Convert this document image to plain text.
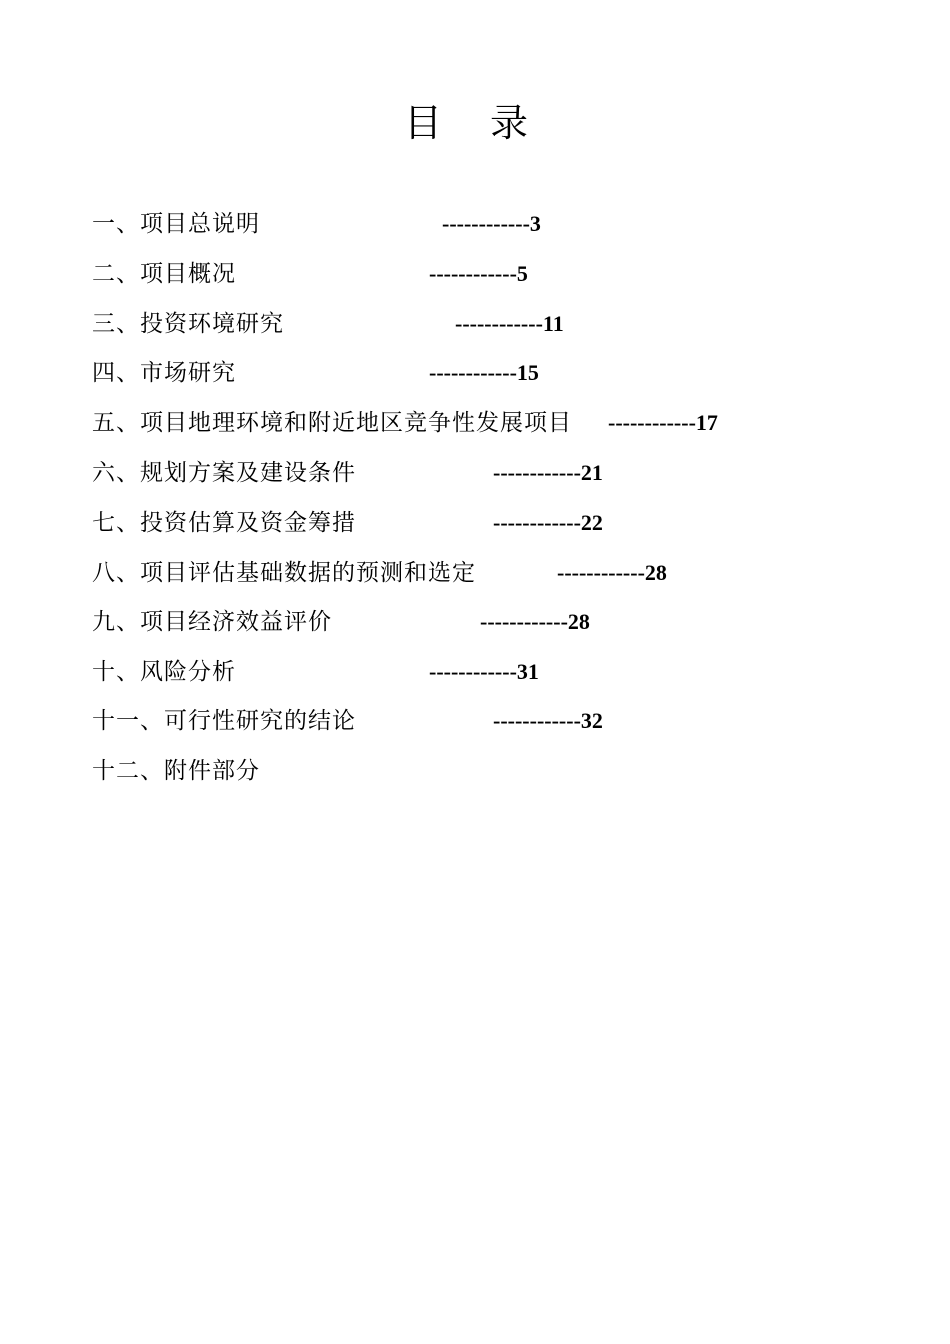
目 录
一、项目总说明	------------3
二、项目概况	------------5
三、投资环境研究	------------11
四、市场研究	------------15
五、项目地理环境和附近地区竞争性发展项目 ------------17
六、规划方案及建设条件	------------21
七、投资估算及资金筹措	------------22
八、项目评估基础数据的预测和选定	------------28
九、项目经济效益评价	------------28
十、风险分析	------------31
十一、可行性研究的结论	------------32
十二、附件部分
